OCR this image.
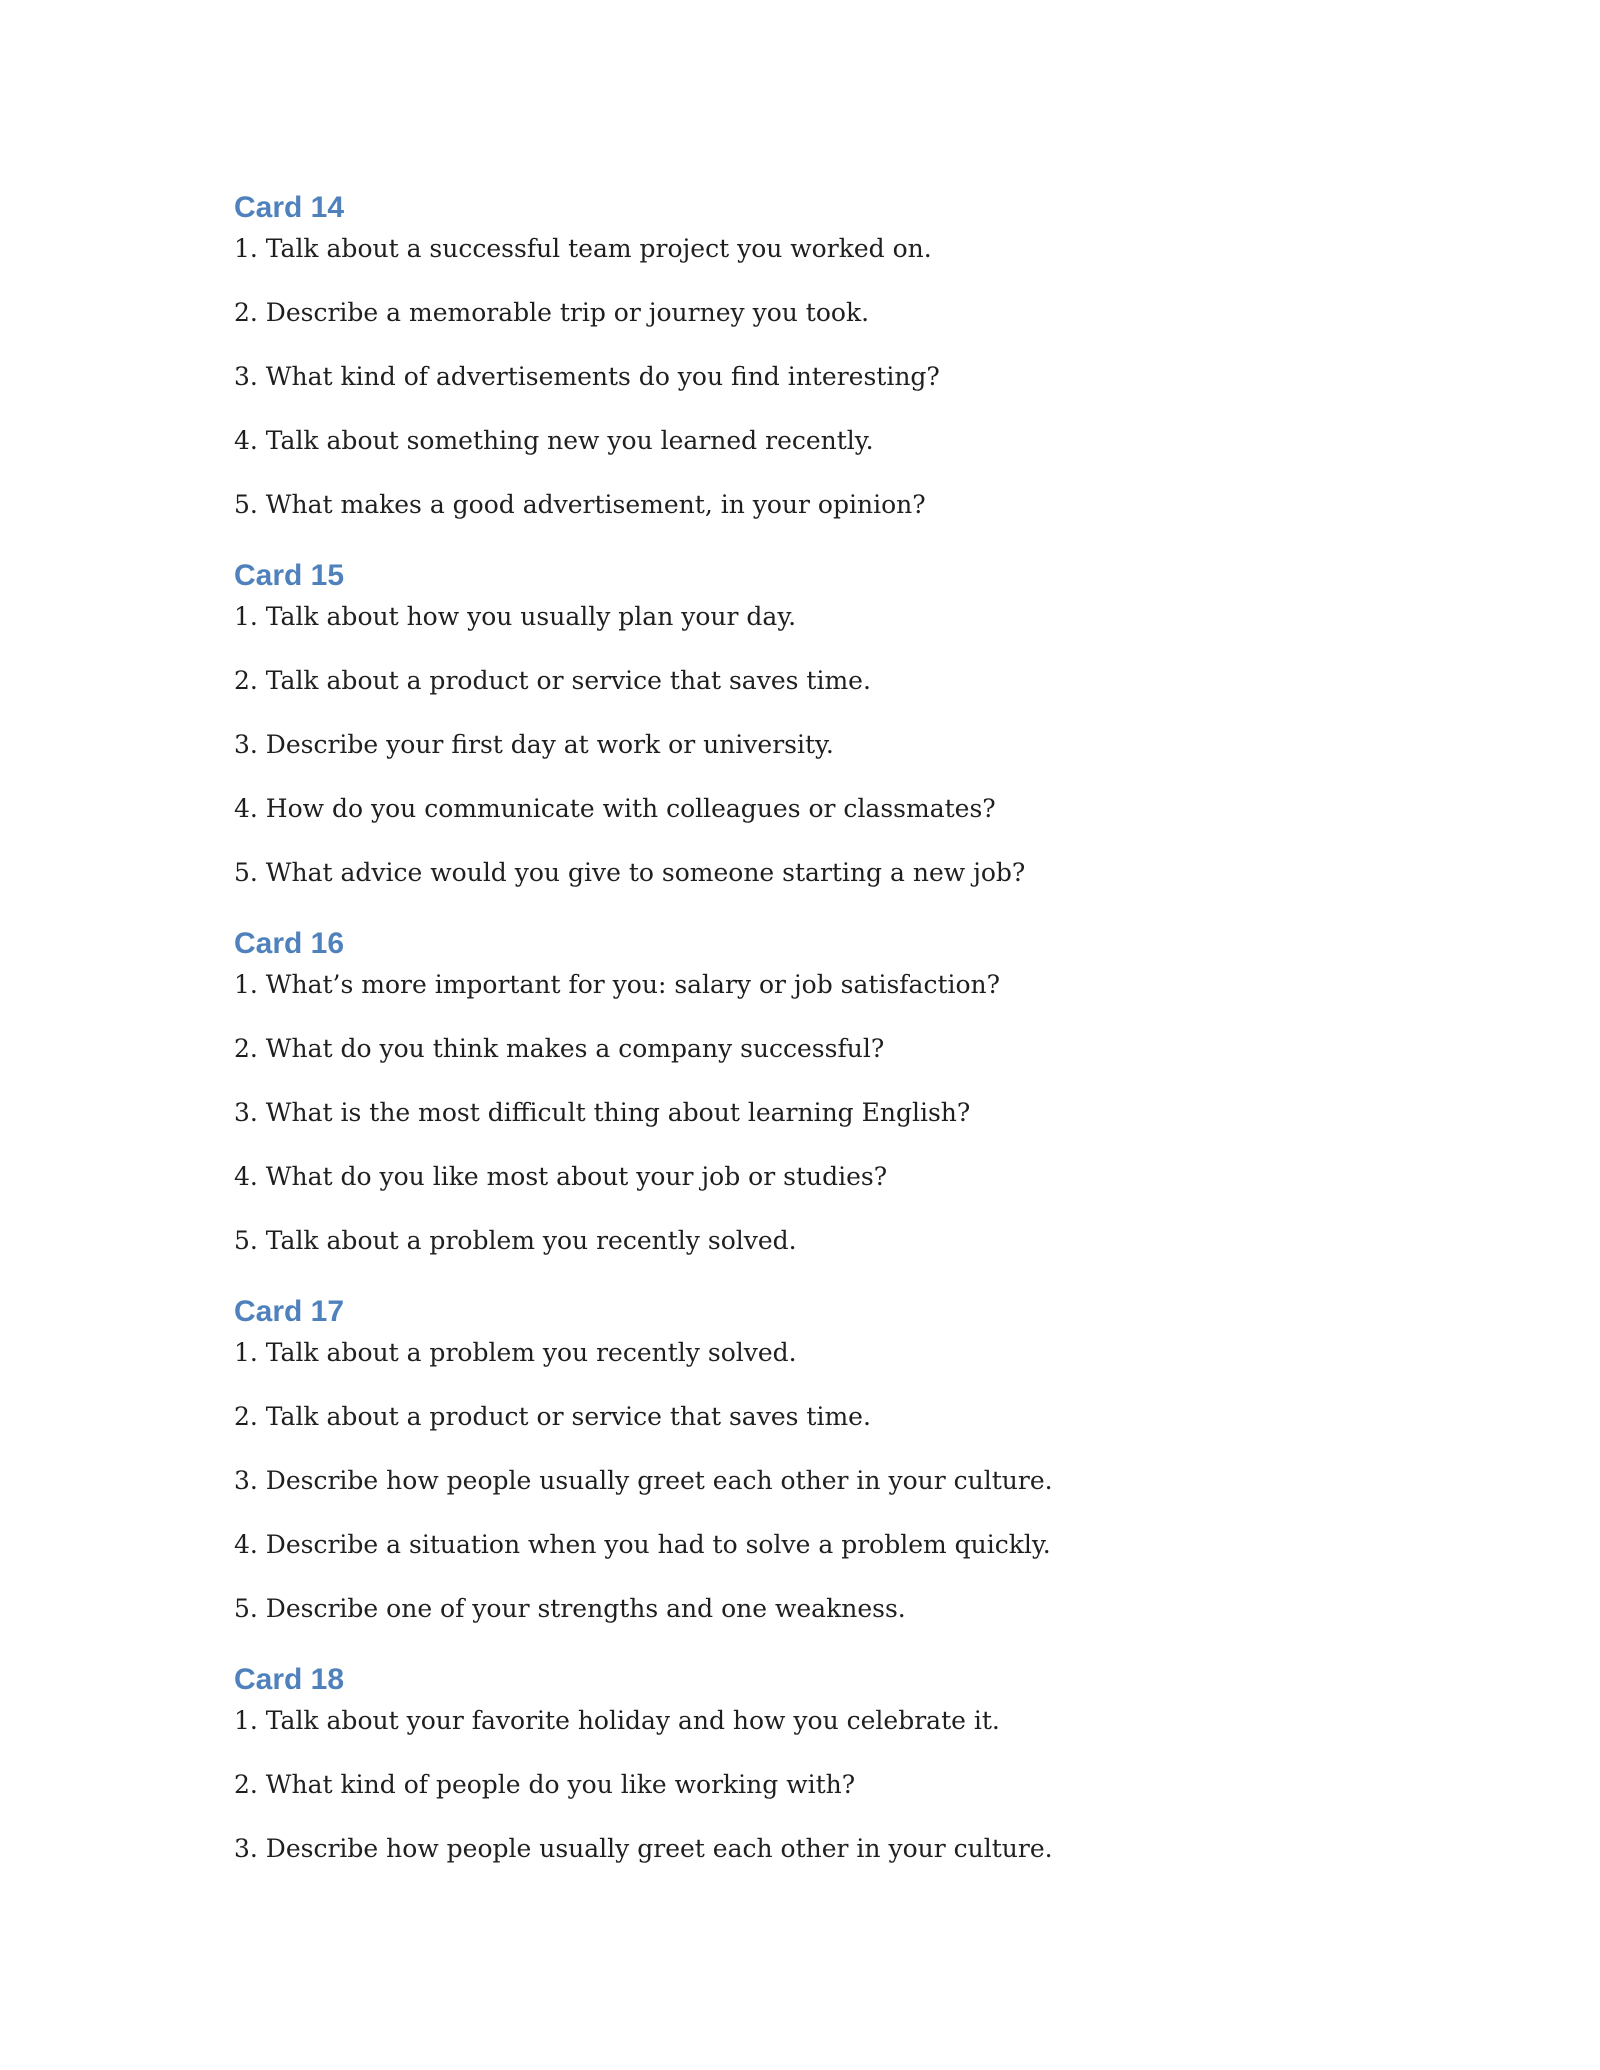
Card 14

1. Talk about a successful team project you worked on.

2. Describe a memorable trip or journey you took.

3. What kind of advertisements do you find interesting?

4. Talk about something new you learned recently.

5. What makes a good advertisement, in your opinion?

Card 15

1. Talk about how you usually plan your day.

2. Talk about a product or service that saves time.

3. Describe your first day at work or university.

4. How do you communicate with colleagues or classmates?

5. What advice would you give to someone starting a new job?

Card 16

1. What’s more important for you: salary or job satisfaction?

2. What do you think makes a company successful?

3. What is the most difficult thing about learning English?

4. What do you like most about your job or studies?

5. Talk about a problem you recently solved.

Card 17

1. Talk about a problem you recently solved.

2. Talk about a product or service that saves time.

3. Describe how people usually greet each other in your culture.

4. Describe a situation when you had to solve a problem quickly.

5. Describe one of your strengths and one weakness.

Card 18

1. Talk about your favorite holiday and how you celebrate it.

2. What kind of people do you like working with?

3. Describe how people usually greet each other in your culture.
